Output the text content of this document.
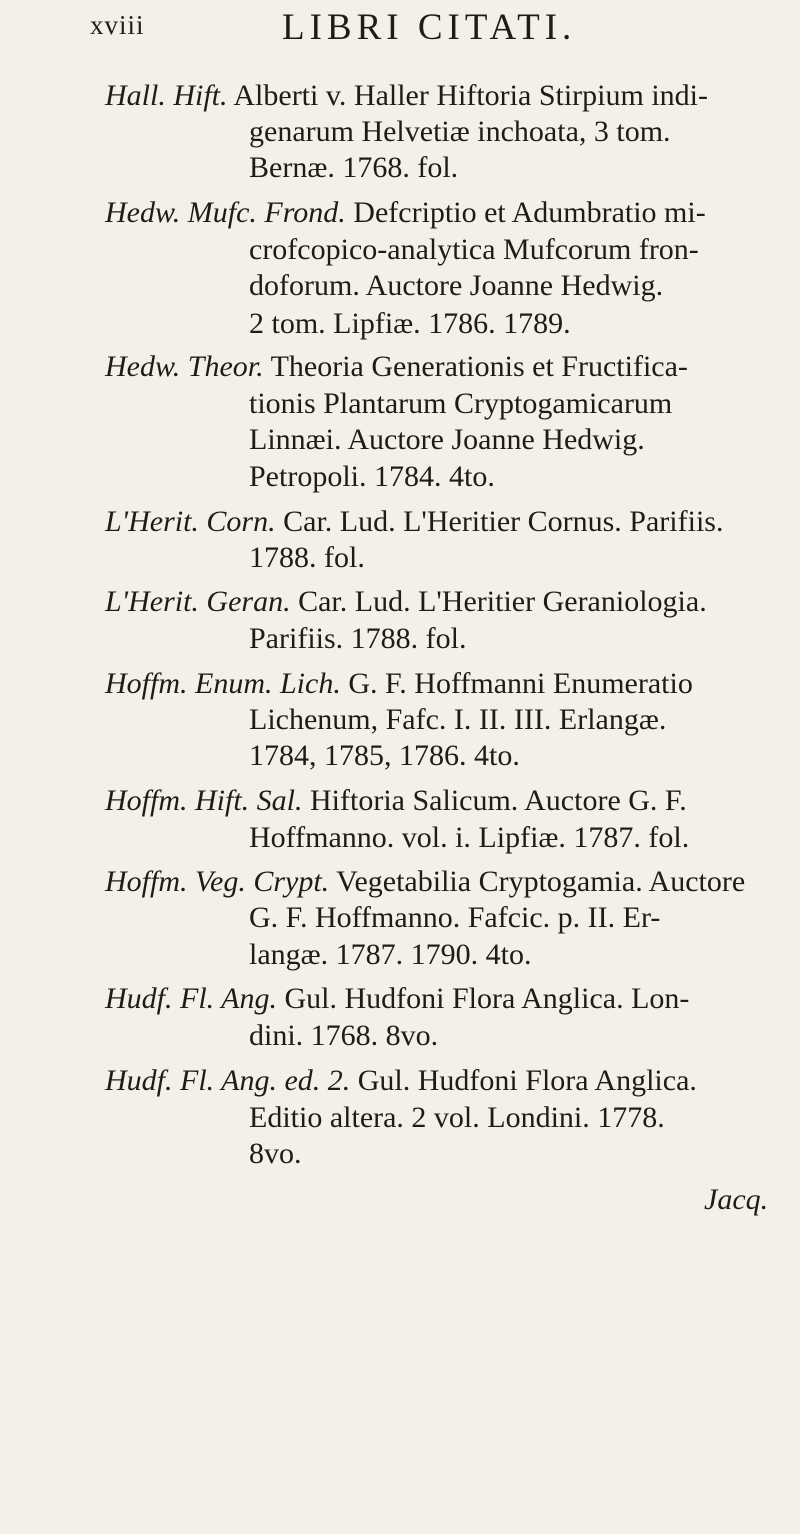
xviii	LIBRI CITATI.
Hall. Hift. Alberti v. Haller Hiftoria Stirpium indi-
genarum Helvetiæ inchoata, 3 tom.
Bernæ. 1768. fol.
Hedw. Mufc. Frond. Defcriptio et Adumbratio mi-
crofcopico-analytica Mufcorum fron-
doforum. Auctore Joanne Hedwig.
2 tom. Lipfiæ. 1786. 1789.
Hedw. Theor. Theoria Generationis et Fructifica-
tionis Plantarum Cryptogamicarum
Linnæi. Auctore Joanne Hedwig.
Petropoli. 1784. 4to.
L'Herit. Corn. Car. Lud. L'Heritier Cornus. Parifiis.
1788. fol.
L'Herit. Geran. Car. Lud. L'Heritier Geraniologia.
Parifiis. 1788. fol.
Hoffm. Enum. Lich. G. F. Hoffmanni Enumeratio
Lichenum, Fafc. I. II. III. Erlangæ.
1784, 1785, 1786. 4to.
Hoffm. Hift. Sal. Hiftoria Salicum. Auctore G. F.
Hoffmanno. vol. i. Lipfiæ. 1787. fol.
Hoffm. Veg. Crypt. Vegetabilia Cryptogamia. Auctore
G. F. Hoffmanno. Fafcic. p. II. Er-
langæ. 1787. 1790. 4to.
Hudf. Fl. Ang. Gul. Hudfoni Flora Anglica. Lon-
dini. 1768. 8vo.
Hudf. Fl. Ang. ed. 2. Gul. Hudfoni Flora Anglica.
Editio altera. 2 vol. Londini. 1778.
8vo.
Jacq.
